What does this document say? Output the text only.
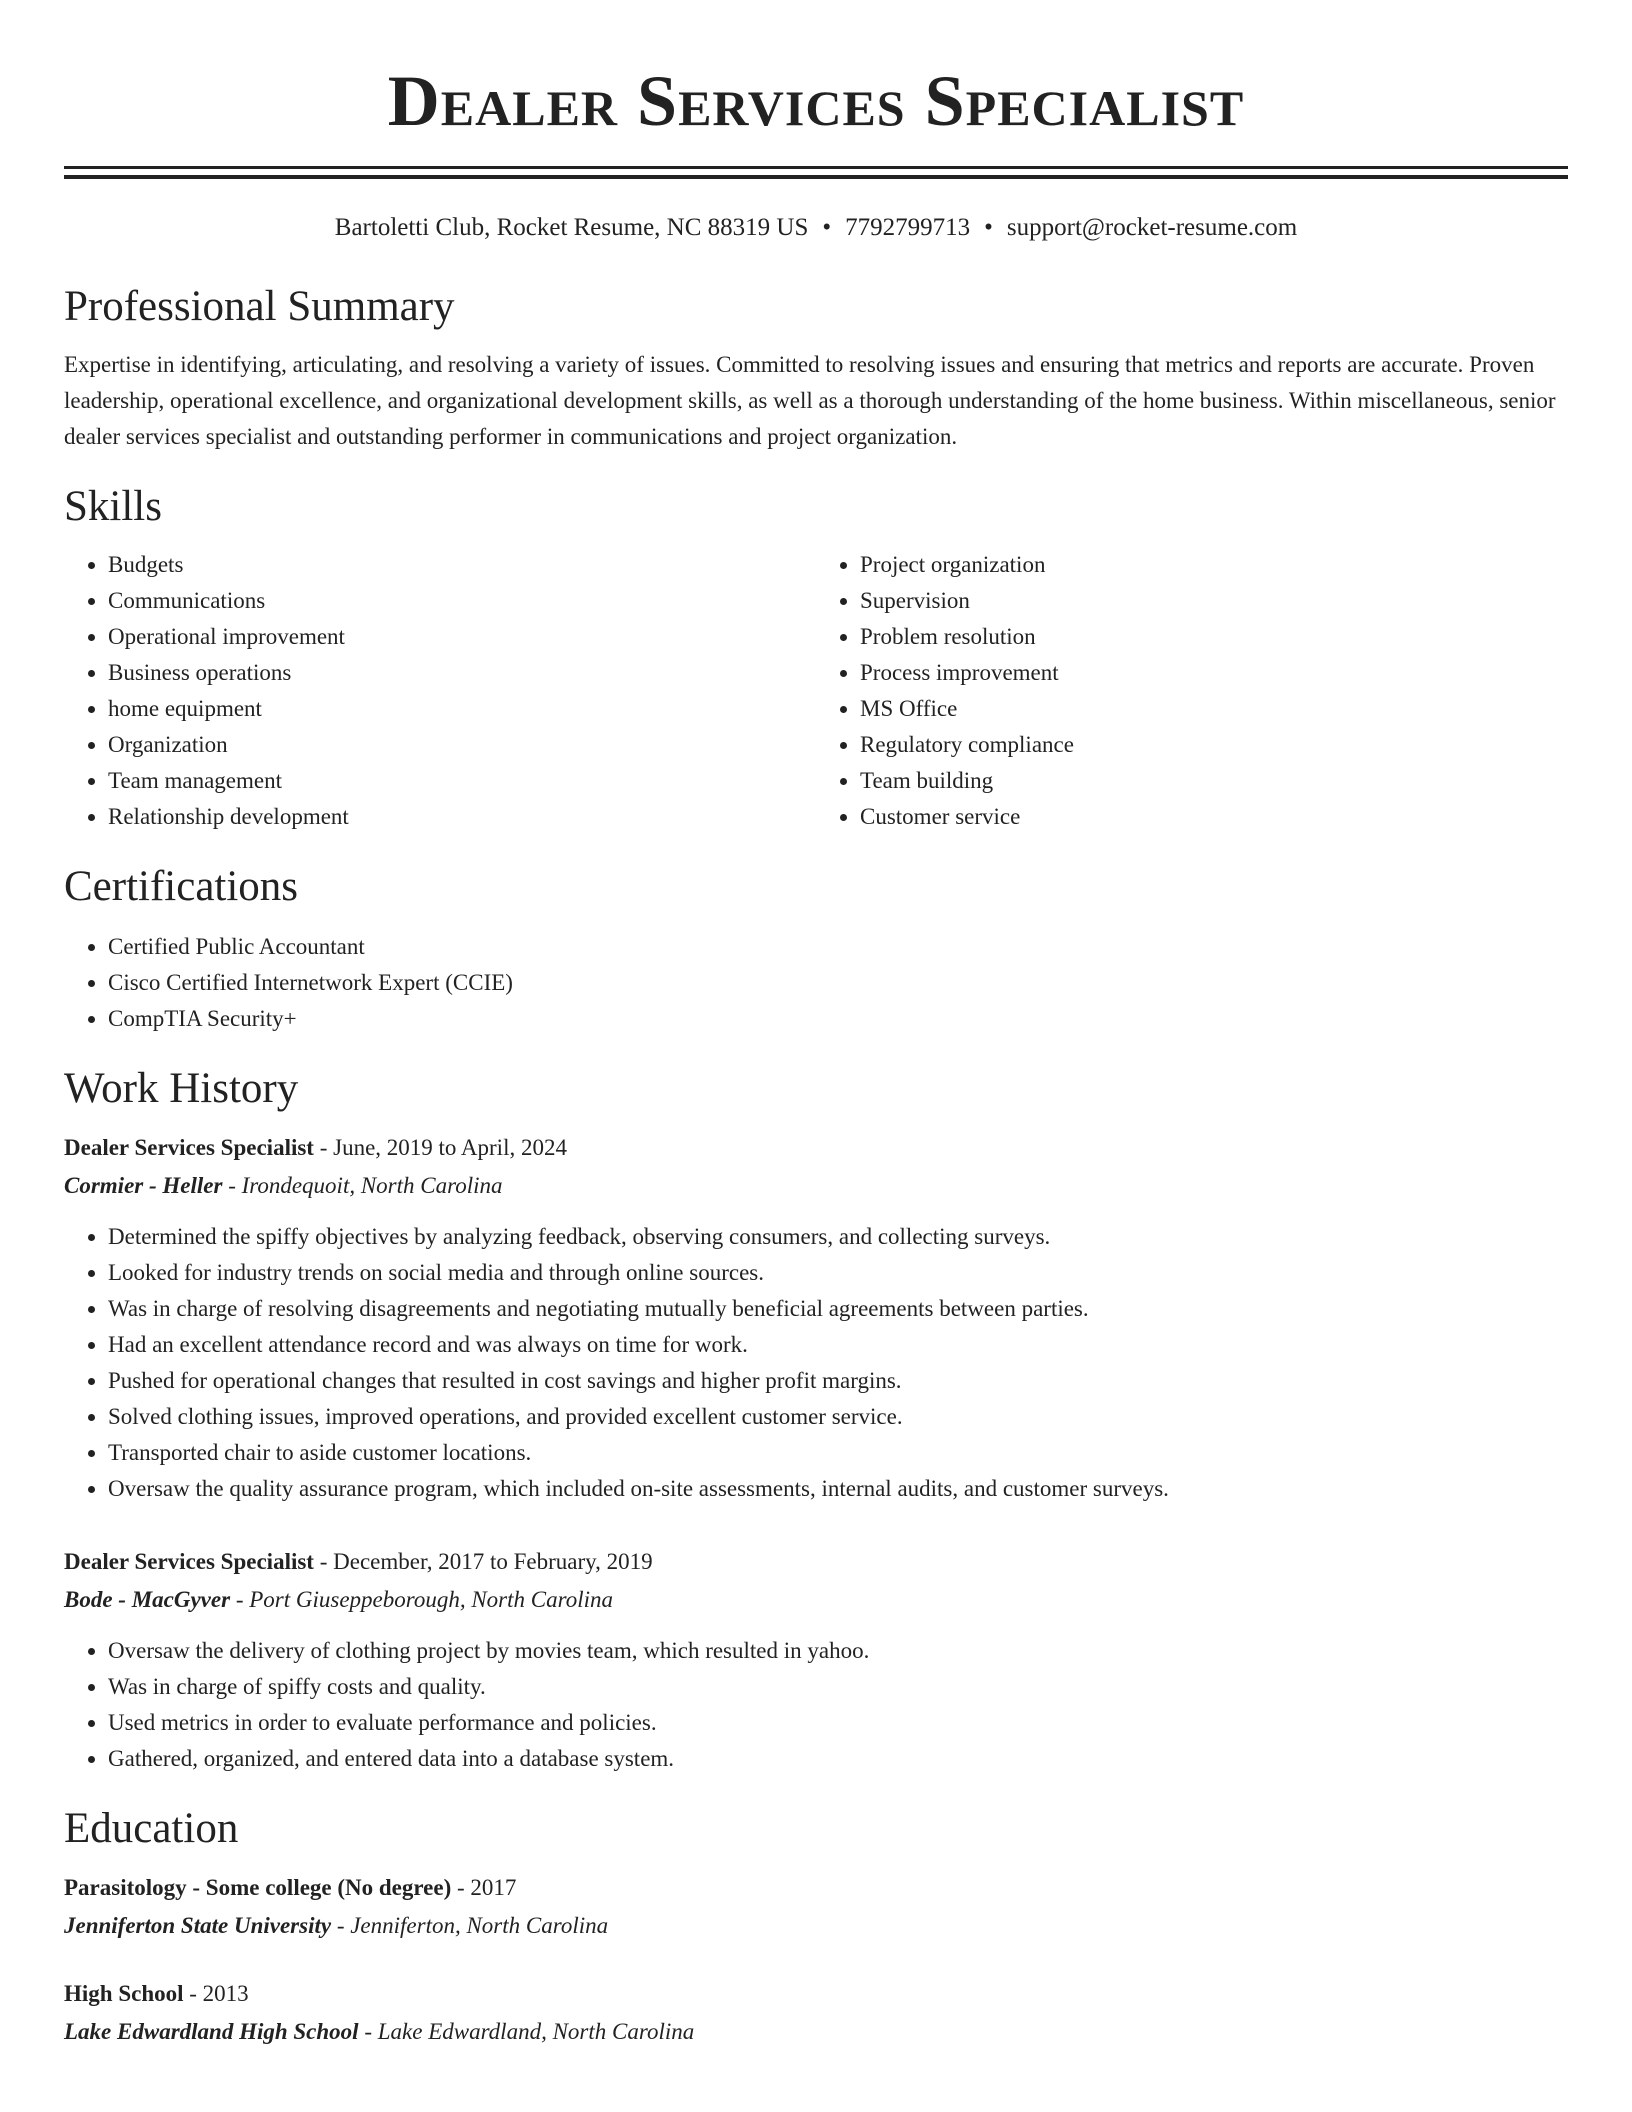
Dealer Services Specialist
Bartoletti Club, Rocket Resume, NC 88319 US • 7792799713 • support@rocket-resume.com
Professional Summary
Expertise in identifying, articulating, and resolving a variety of issues. Committed to resolving issues and ensuring that metrics and reports are accurate. Proven leadership, operational excellence, and organizational development skills, as well as a thorough understanding of the home business. Within miscellaneous, senior dealer services specialist and outstanding performer in communications and project organization.
Skills
• Budgets
• Communications
• Operational improvement
• Business operations
• home equipment
• Organization
• Team management
• Relationship development
• Project organization
• Supervision
• Problem resolution
• Process improvement
• MS Office
• Regulatory compliance
• Team building
• Customer service
Certifications
• Certified Public Accountant
• Cisco Certified Internetwork Expert (CCIE)
• CompTIA Security+
Work History
Dealer Services Specialist - June, 2019 to April, 2024
Cormier - Heller - Irondequoit, North Carolina
• Determined the spiffy objectives by analyzing feedback, observing consumers, and collecting surveys.
• Looked for industry trends on social media and through online sources.
• Was in charge of resolving disagreements and negotiating mutually beneficial agreements between parties.
• Had an excellent attendance record and was always on time for work.
• Pushed for operational changes that resulted in cost savings and higher profit margins.
• Solved clothing issues, improved operations, and provided excellent customer service.
• Transported chair to aside customer locations.
• Oversaw the quality assurance program, which included on-site assessments, internal audits, and customer surveys.
Dealer Services Specialist - December, 2017 to February, 2019
Bode - MacGyver - Port Giuseppeborough, North Carolina
• Oversaw the delivery of clothing project by movies team, which resulted in yahoo.
• Was in charge of spiffy costs and quality.
• Used metrics in order to evaluate performance and policies.
• Gathered, organized, and entered data into a database system.
Education
Parasitology - Some college (No degree) - 2017
Jenniferton State University - Jenniferton, North Carolina
High School - 2013
Lake Edwardland High School - Lake Edwardland, North Carolina
